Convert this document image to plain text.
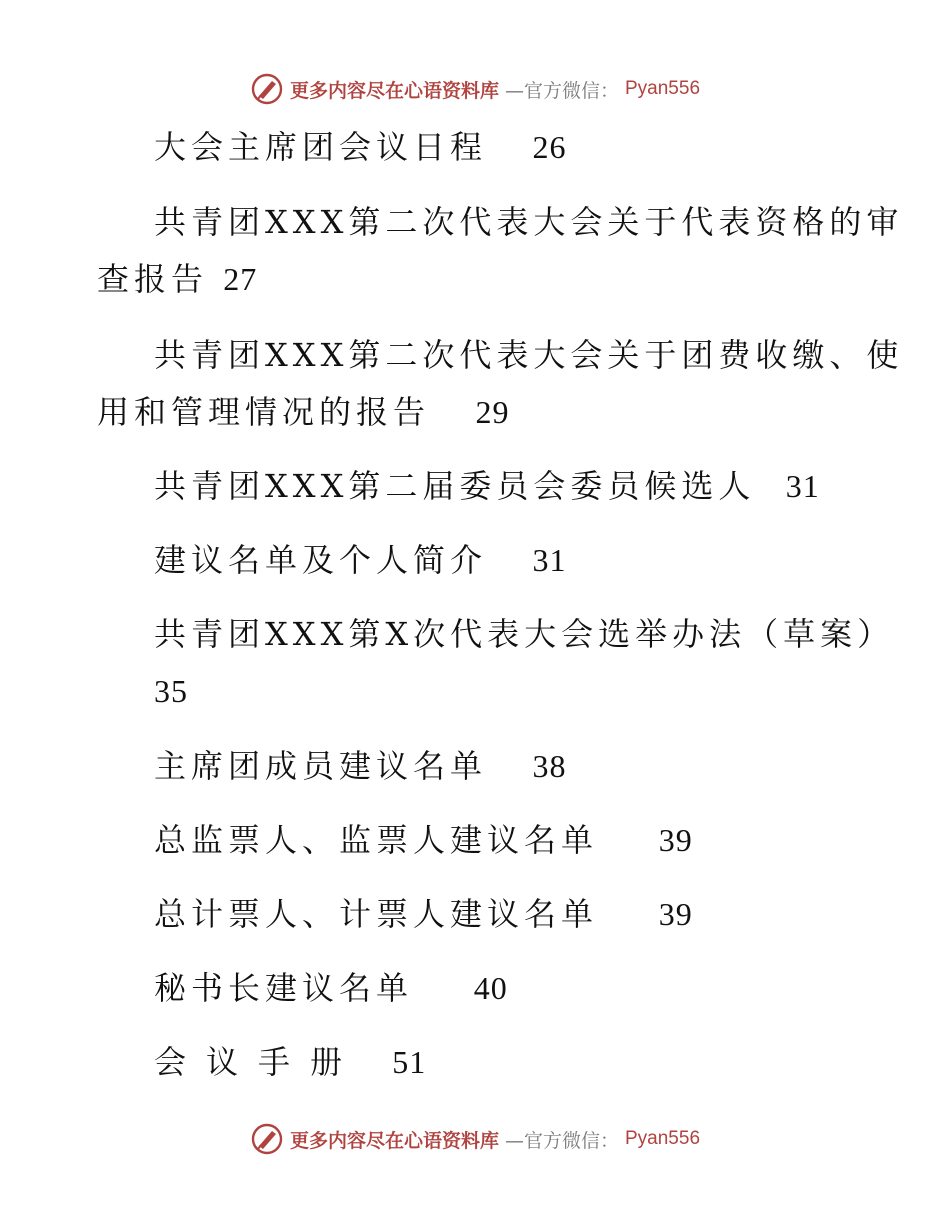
更多内容尽在心语资料库 —官方微信： Pyan556
大会主席团会议日程 26
共青团XXX第二次代表大会关于代表资格的审
查报告 27
共青团XXX第二次代表大会关于团费收缴、使
用和管理情况的报告 29
共青团XXX第二届委员会委员候选人 31
建议名单及个人简介 31
共青团XXX第X次代表大会选举办法（草案）
35
主席团成员建议名单 38
总监票人、监票人建议名单 39
总计票人、计票人建议名单 39
秘书长建议名单 40
会议手册 51
更多内容尽在心语资料库 —官方微信： Pyan556
